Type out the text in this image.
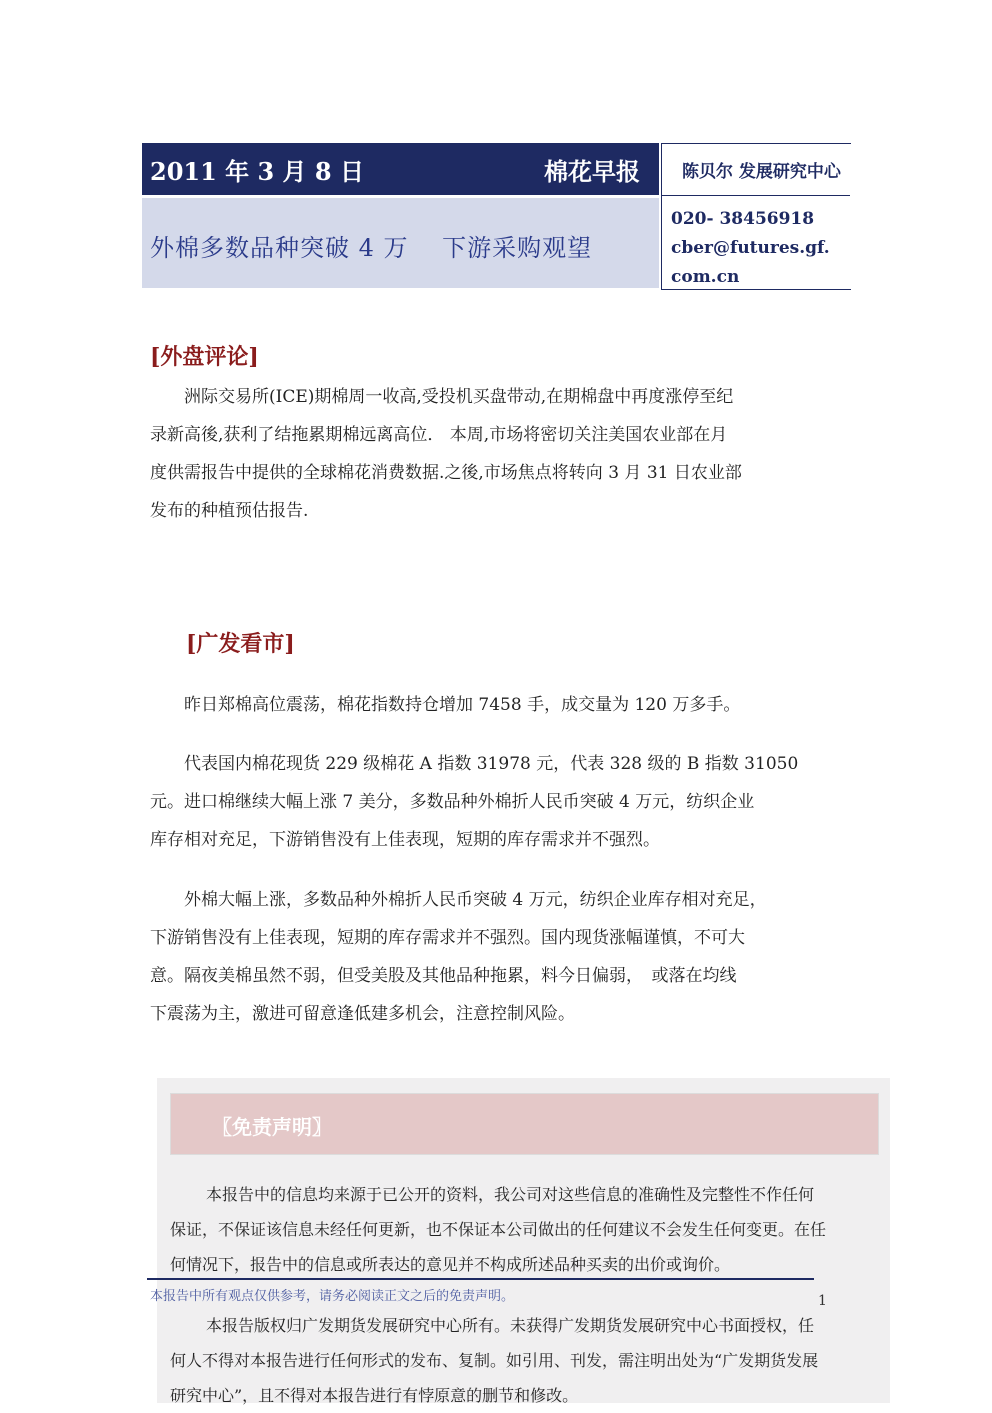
2011 年 3 月 8 日	棉花早报
外棉多数品种突破 4 万　 下游采购观望
陈贝尔 发展研究中心
020- 38456918
cber@futures.gf.
com.cn
[外盘评论]
洲际交易所(ICE)期棉周一收高,受投机买盘带动,在期棉盘中再度涨停至纪
录新高後,获利了结拖累期棉远离高位． 本周,市场将密切关注美国农业部在月
度供需报告中提供的全球棉花消费数据.之後,市场焦点将转向 3 月 31 日农业部
发布的种植预估报告.
[广发看市]
昨日郑棉高位震荡，棉花指数持仓增加 7458 手，成交量为 120 万多手。
代表国内棉花现货 229 级棉花 A 指数 31978 元，代表 328 级的 B 指数 31050
元。进口棉继续大幅上涨 7 美分，多数品种外棉折人民币突破 4 万元，纺织企业
库存相对充足，下游销售没有上佳表现，短期的库存需求并不强烈。
外棉大幅上涨，多数品种外棉折人民币突破 4 万元，纺织企业库存相对充足，
下游销售没有上佳表现，短期的库存需求并不强烈。国内现货涨幅谨慎，不可大
意。隔夜美棉虽然不弱，但受美股及其他品种拖累，料今日偏弱，　或落在均线
下震荡为主，激进可留意逢低建多机会，注意控制风险。
〖免责声明〗
本报告中的信息均来源于已公开的资料，我公司对这些信息的准确性及完整性不作任何
保证，不保证该信息未经任何更新，也不保证本公司做出的任何建议不会发生任何变更。在任
何情况下，报告中的信息或所表达的意见并不构成所述品种买卖的出价或询价。
本报告版权归广发期货发展研究中心所有。未获得广发期货发展研究中心书面授权，任
何人不得对本报告进行任何形式的发布、复制。如引用、刊发，需注明出处为“广发期货发展
研究中心”，且不得对本报告进行有悖原意的删节和修改。
本报告中所有观点仅供参考，请务必阅读正文之后的免责声明。	1
